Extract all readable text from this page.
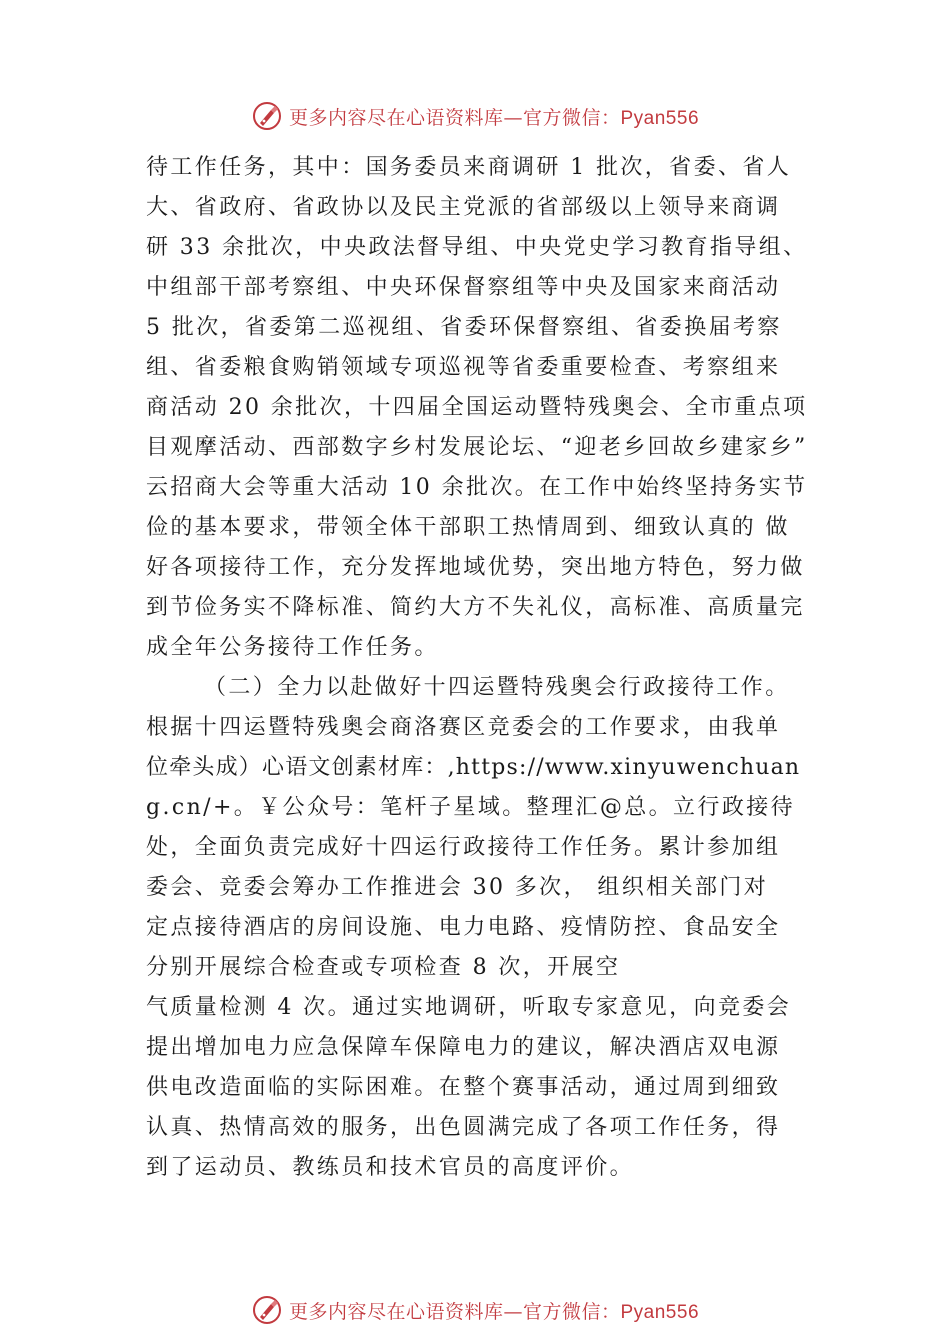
更多内容尽在心语资料库—官方微信：Pyan556
待工作任务，其中：国务委员来商调研 1 批次，省委、省人
大、省政府、省政协以及民主党派的省部级以上领导来商调
研 33 余批次，中央政法督导组、中央党史学习教育指导组、
中组部干部考察组、中央环保督察组等中央及国家来商活动
5 批次，省委第二巡视组、省委环保督察组、省委换届考察
组、省委粮食购销领域专项巡视等省委重要检查、考察组来
商活动 20 余批次，十四届全国运动暨特残奥会、全市重点项
目观摩活动、西部数字乡村发展论坛、“迎老乡回故乡建家乡”
云招商大会等重大活动 10 余批次。在工作中始终坚持务实节
俭的基本要求，带领全体干部职工热情周到、细致认真的 做
好各项接待工作，充分发挥地域优势，突出地方特色，努力做
到节俭务实不降标准、简约大方不失礼仪，高标准、高质量完
成全年公务接待工作任务。
（二）全力以赴做好十四运暨特残奥会行政接待工作。
根据十四运暨特残奥会商洛赛区竞委会的工作要求，由我单
位牵头成）心语文创素材库：,https://www.xinyuwenchuan
g.cn/+。￥公众号：笔杆子星域。整理汇@总。立行政接待
处，全面负责完成好十四运行政接待工作任务。累计参加组
委会、竞委会筹办工作推进会 30 多次， 组织相关部门对
定点接待酒店的房间设施、电力电路、疫情防控、食品安全
分别开展综合检查或专项检查 8 次，开展空
气质量检测 4 次。通过实地调研，听取专家意见，向竞委会
提出增加电力应急保障车保障电力的建议，解决酒店双电源
供电改造面临的实际困难。在整个赛事活动，通过周到细致
认真、热情高效的服务，出色圆满完成了各项工作任务，得
到了运动员、教练员和技术官员的高度评价。
更多内容尽在心语资料库—官方微信：Pyan556
